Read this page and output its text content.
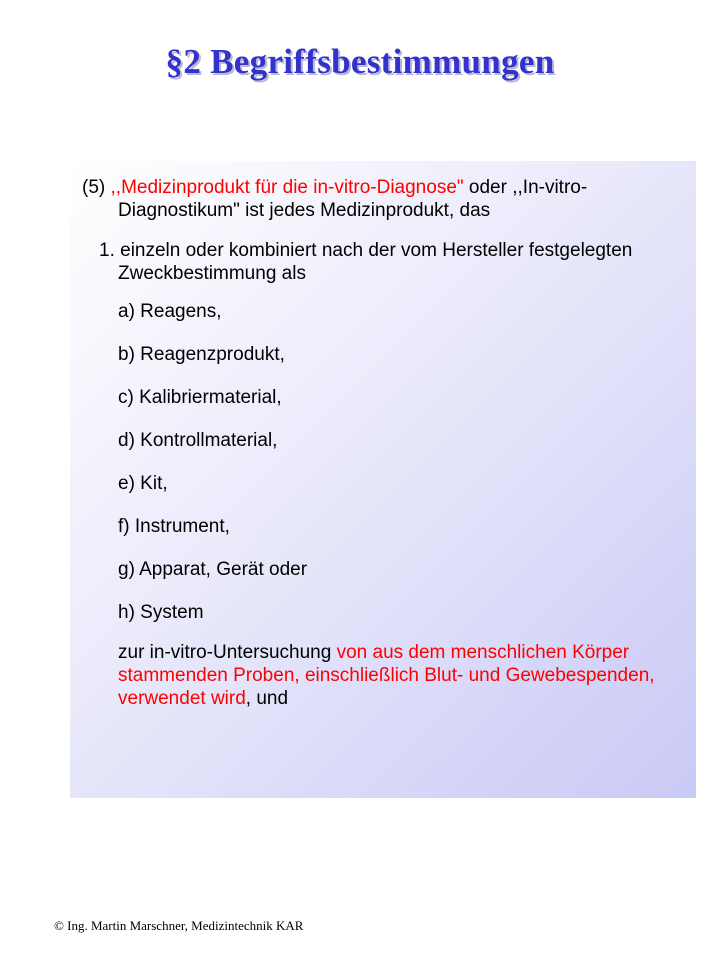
§2 Begriffsbestimmungen

(5) ,,Medizinprodukt für die in-vitro-Diagnose" oder ,,In-vitro-Diagnostikum" ist jedes Medizinprodukt, das

1. einzeln oder kombiniert nach der vom Hersteller festgelegten Zweckbestimmung als

a) Reagens,

b) Reagenzprodukt,

c) Kalibriermaterial,

d) Kontrollmaterial,

e) Kit,

f) Instrument,

g) Apparat, Gerät oder

h) System

zur in-vitro-Untersuchung von aus dem menschlichen Körper stammenden Proben, einschließlich Blut- und Gewebespenden, verwendet wird, und

© Ing. Martin Marschner, Medizintechnik KAR
